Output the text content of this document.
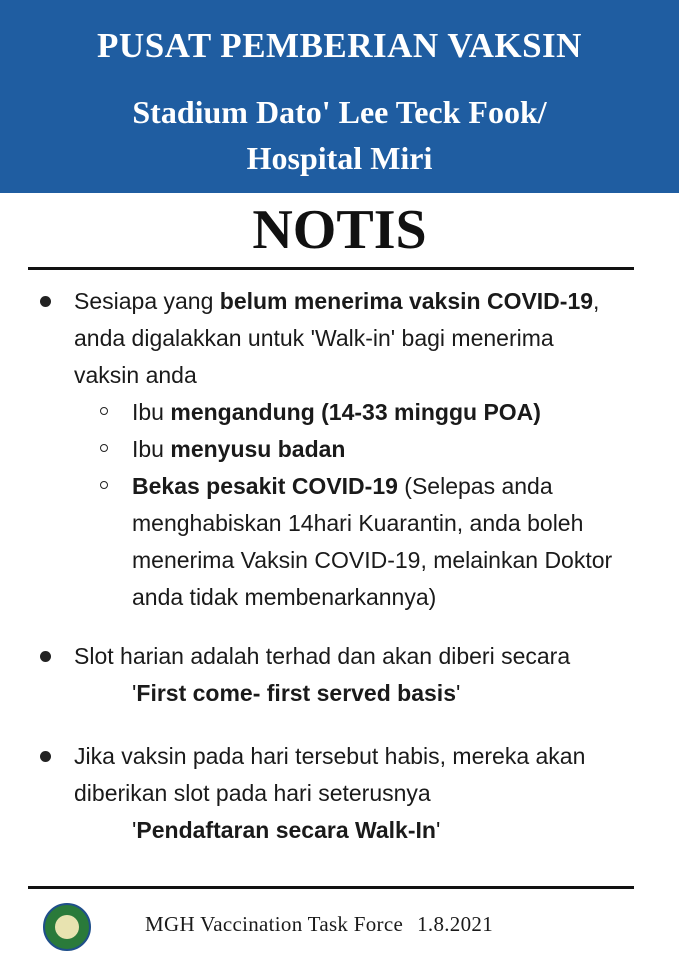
PUSAT PEMBERIAN VAKSIN
Stadium Dato' Lee Teck Fook/
Hospital Miri
NOTIS
Sesiapa yang belum menerima vaksin COVID-19,
anda digalakkan untuk 'Walk-in' bagi menerima
vaksin anda
Ibu mengandung (14-33 minggu POA)
Ibu menyusu badan
Bekas pesakit COVID-19 (Selepas anda
menghabiskan 14hari Kuarantin, anda boleh
menerima Vaksin COVID-19, melainkan Doktor
anda tidak membenarkannya)
Slot harian adalah terhad dan akan diberi secara
'First come- first served basis'
Jika vaksin pada hari tersebut habis, mereka akan
diberikan slot pada hari seterusnya
'Pendaftaran secara Walk-In'
MGH Vaccination Task Force 1.8.2021
